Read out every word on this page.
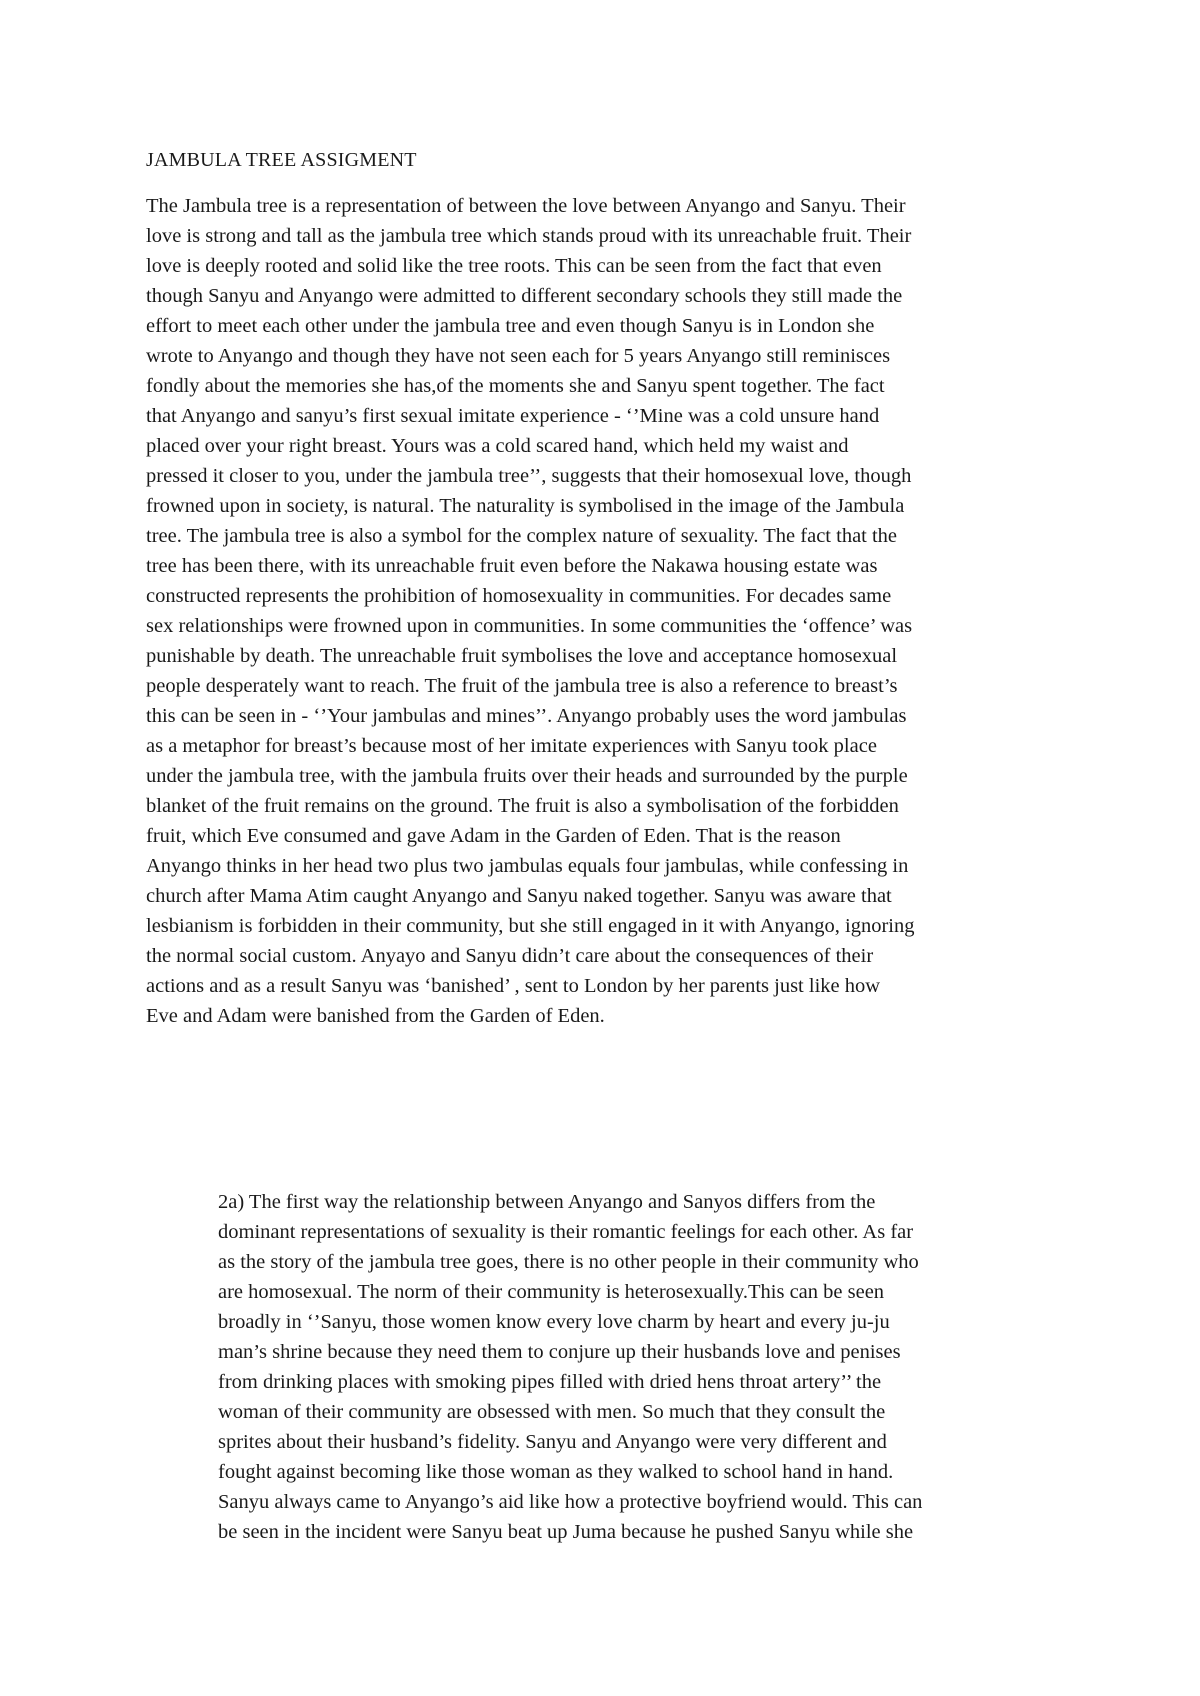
JAMBULA TREE ASSIGMENT
The Jambula tree is a representation of between the love between Anyango and Sanyu. Their
love is strong and tall as the jambula tree which stands proud with its unreachable fruit. Their
love is deeply rooted and solid like the tree roots. This can be seen from the fact that even
though Sanyu and Anyango were admitted to different secondary schools they still made the
effort to meet each other under the jambula tree and even though Sanyu is in London she
wrote to Anyango and though they have not seen each for 5 years Anyango still reminisces
fondly about the memories she has,of the moments she and Sanyu spent together. The fact
that Anyango and sanyu’s first sexual imitate experience - ‘’Mine was a cold unsure hand
placed over your right breast. Yours was a cold scared hand, which held my waist and
pressed it closer to you, under the jambula tree’’, suggests that their homosexual love, though
frowned upon in society, is natural. The naturality is symbolised in the image of the Jambula
tree. The jambula tree is also a symbol for the complex nature of sexuality. The fact that the
tree has been there, with its unreachable fruit even before the Nakawa housing estate was
constructed represents the prohibition of homosexuality in communities. For decades same
sex relationships were frowned upon in communities. In some communities the ‘offence’ was
punishable by death. The unreachable fruit symbolises the love and acceptance homosexual
people desperately want to reach. The fruit of the jambula tree is also a reference to breast’s
this can be seen in - ‘’Your jambulas and mines’’. Anyango probably uses the word jambulas
as a metaphor for breast’s because most of her imitate experiences with Sanyu took place
under the jambula tree, with the jambula fruits over their heads and surrounded by the purple
blanket of the fruit remains on the ground. The fruit is also a symbolisation of the forbidden
fruit, which Eve consumed and gave Adam in the Garden of Eden. That is the reason
Anyango thinks in her head two plus two jambulas equals four jambulas, while confessing in
church after Mama Atim caught Anyango and Sanyu naked together. Sanyu was aware that
lesbianism is forbidden in their community, but she still engaged in it with Anyango, ignoring
the normal social custom. Anyayo and Sanyu didn’t care about the consequences of their
actions and as a result Sanyu was ‘banished’ , sent to London by her parents just like how
Eve and Adam were banished from the Garden of Eden.
2a) The first way the relationship between Anyango and Sanyos differs from the
dominant representations of sexuality is their romantic feelings for each other. As far
as the story of the jambula tree goes, there is no other people in their community who
are homosexual. The norm of their community is heterosexually.This can be seen
broadly in ‘’Sanyu, those women know every love charm by heart and every ju-ju
man’s shrine because they need them to conjure up their husbands love and penises
from drinking places with smoking pipes filled with dried hens throat artery’’ the
woman of their community are obsessed with men. So much that they consult the
sprites about their husband’s fidelity. Sanyu and Anyango were very different and
fought against becoming like those woman as they walked to school hand in hand.
Sanyu always came to Anyango’s aid like how a protective boyfriend would. This can
be seen in the incident were Sanyu beat up Juma because he pushed Sanyu while she
